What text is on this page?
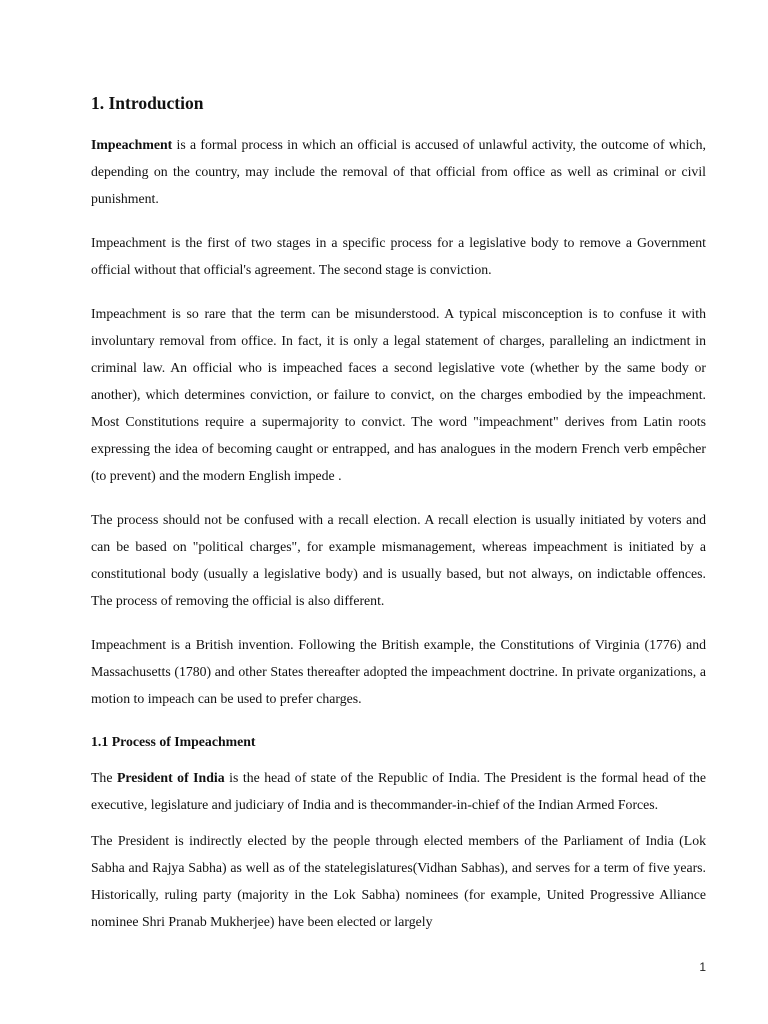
1. Introduction

Impeachment is a formal process in which an official is accused of unlawful activity, the outcome of which, depending on the country, may include the removal of that official from office as well as criminal or civil punishment.

Impeachment is the first of two stages in a specific process for a legislative body to remove a Government official without that official's agreement. The second stage is conviction.

Impeachment is so rare that the term can be misunderstood. A typical misconception is to confuse it with involuntary removal from office. In fact, it is only a legal statement of charges, paralleling an indictment in criminal law. An official who is impeached faces a second legislative vote (whether by the same body or another), which determines conviction, or failure to convict, on the charges embodied by the impeachment. Most Constitutions require a supermajority to convict. The word "impeachment" derives from Latin roots expressing the idea of becoming caught or entrapped, and has analogues in the modern French verb empêcher (to prevent) and the modern English impede .

The process should not be confused with a recall election. A recall election is usually initiated by voters and can be based on "political charges", for example mismanagement, whereas impeachment is initiated by a constitutional body (usually a legislative body) and is usually based, but not always, on indictable offences. The process of removing the official is also different.

Impeachment is a British invention. Following the British example, the Constitutions of Virginia (1776) and Massachusetts (1780) and other States thereafter adopted the impeachment doctrine. In private organizations, a motion to impeach can be used to prefer charges.

1.1 Process of Impeachment

The President of India is the head of state of the Republic of India. The President is the formal head of the executive, legislature and judiciary of India and is thecommander-in-chief of the Indian Armed Forces.

The President is indirectly elected by the people through elected members of the Parliament of India (Lok Sabha and Rajya Sabha) as well as of the statelegislatures(Vidhan Sabhas), and serves for a term of five years. Historically, ruling party (majority in the Lok Sabha) nominees (for example, United Progressive Alliance nominee Shri Pranab Mukherjee) have been elected or largely

1
